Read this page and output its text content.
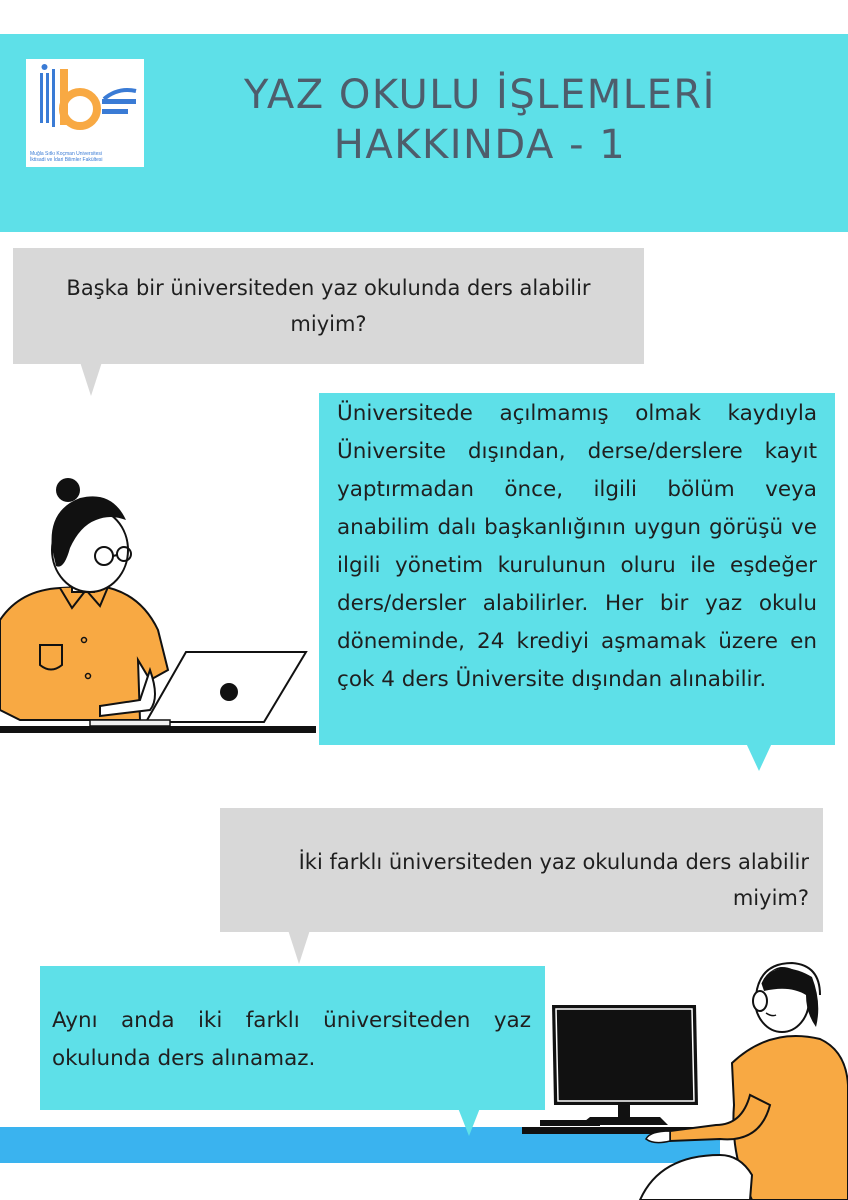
Muğla Sıtkı Koçman Üniversitesi
İktisadi ve İdari Bilimler Fakültesi
YAZ OKULU İŞLEMLERİ
HAKKINDA - 1
Başka bir üniversiteden yaz okulunda ders alabilir miyim?
Üniversitede açılmamış olmak kaydıyla Üniversite dışından, derse/derslere kayıt yaptırmadan önce, ilgili bölüm veya anabilim dalı başkanlığının uygun görüşü ve ilgili yönetim kurulunun oluru ile eşdeğer ders/dersler alabilirler. Her bir yaz okulu döneminde, 24 krediyi aşmamak üzere en çok 4 ders Üniversite dışından alınabilir.
İki farklı üniversiteden yaz okulunda ders alabilir miyim?
Aynı anda iki farklı üniversiteden yaz okulunda ders alınamaz.
